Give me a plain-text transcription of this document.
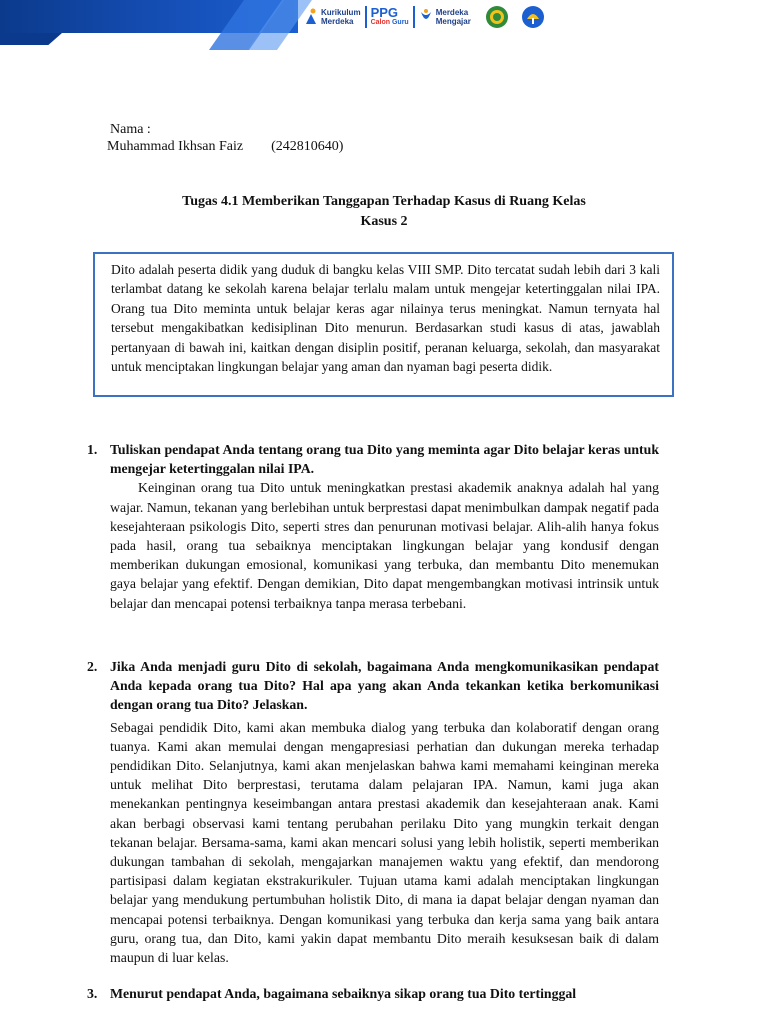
Kurikulum
Merdeka
PPG
Calon Guru
Merdeka
Mengajar
Nama :
Muhammad Ikhsan Faiz        (242810640)
Tugas 4.1 Memberikan Tanggapan Terhadap Kasus di Ruang Kelas
Kasus 2
Dito adalah peserta didik yang duduk di bangku kelas VIII SMP. Dito tercatat sudah lebih dari 3 kali terlambat datang ke sekolah karena belajar terlalu malam untuk mengejar ketertinggalan nilai IPA. Orang tua Dito meminta untuk belajar keras agar nilainya terus meningkat. Namun ternyata hal tersebut mengakibatkan kedisiplinan Dito menurun. Berdasarkan studi kasus di atas, jawablah pertanyaan di bawah ini, kaitkan dengan disiplin positif, peranan keluarga, sekolah, dan masyarakat untuk menciptakan lingkungan belajar yang aman dan nyaman bagi peserta didik.
1. Tuliskan pendapat Anda tentang orang tua Dito yang meminta agar Dito belajar keras untuk mengejar ketertinggalan nilai IPA.
Keinginan orang tua Dito untuk meningkatkan prestasi akademik anaknya adalah hal yang wajar. Namun, tekanan yang berlebihan untuk berprestasi dapat menimbulkan dampak negatif pada kesejahteraan psikologis Dito, seperti stres dan penurunan motivasi belajar. Alih-alih hanya fokus pada hasil, orang tua sebaiknya menciptakan lingkungan belajar yang kondusif dengan memberikan dukungan emosional, komunikasi yang terbuka, dan membantu Dito menemukan gaya belajar yang efektif. Dengan demikian, Dito dapat mengembangkan motivasi intrinsik untuk belajar dan mencapai potensi terbaiknya tanpa merasa terbebani.
2. Jika Anda menjadi guru Dito di sekolah, bagaimana Anda mengkomunikasikan pendapat Anda kepada orang tua Dito? Hal apa yang akan Anda tekankan ketika berkomunikasi dengan orang tua Dito? Jelaskan.
Sebagai pendidik Dito, kami akan membuka dialog yang terbuka dan kolaboratif dengan orang tuanya. Kami akan memulai dengan mengapresiasi perhatian dan dukungan mereka terhadap pendidikan Dito. Selanjutnya, kami akan menjelaskan bahwa kami memahami keinginan mereka untuk melihat Dito berprestasi, terutama dalam pelajaran IPA. Namun, kami juga akan menekankan pentingnya keseimbangan antara prestasi akademik dan kesejahteraan anak. Kami akan berbagi observasi kami tentang perubahan perilaku Dito yang mungkin terkait dengan tekanan belajar. Bersama-sama, kami akan mencari solusi yang lebih holistik, seperti memberikan dukungan tambahan di sekolah, mengajarkan manajemen waktu yang efektif, dan mendorong partisipasi dalam kegiatan ekstrakurikuler. Tujuan utama kami adalah menciptakan lingkungan belajar yang mendukung pertumbuhan holistik Dito, di mana ia dapat belajar dengan nyaman dan mencapai potensi terbaiknya. Dengan komunikasi yang terbuka dan kerja sama yang baik antara guru, orang tua, dan Dito, kami yakin dapat membantu Dito meraih kesuksesan baik di dalam maupun di luar kelas.
3. Menurut pendapat Anda, bagaimana sebaiknya sikap orang tua Dito tertinggal
